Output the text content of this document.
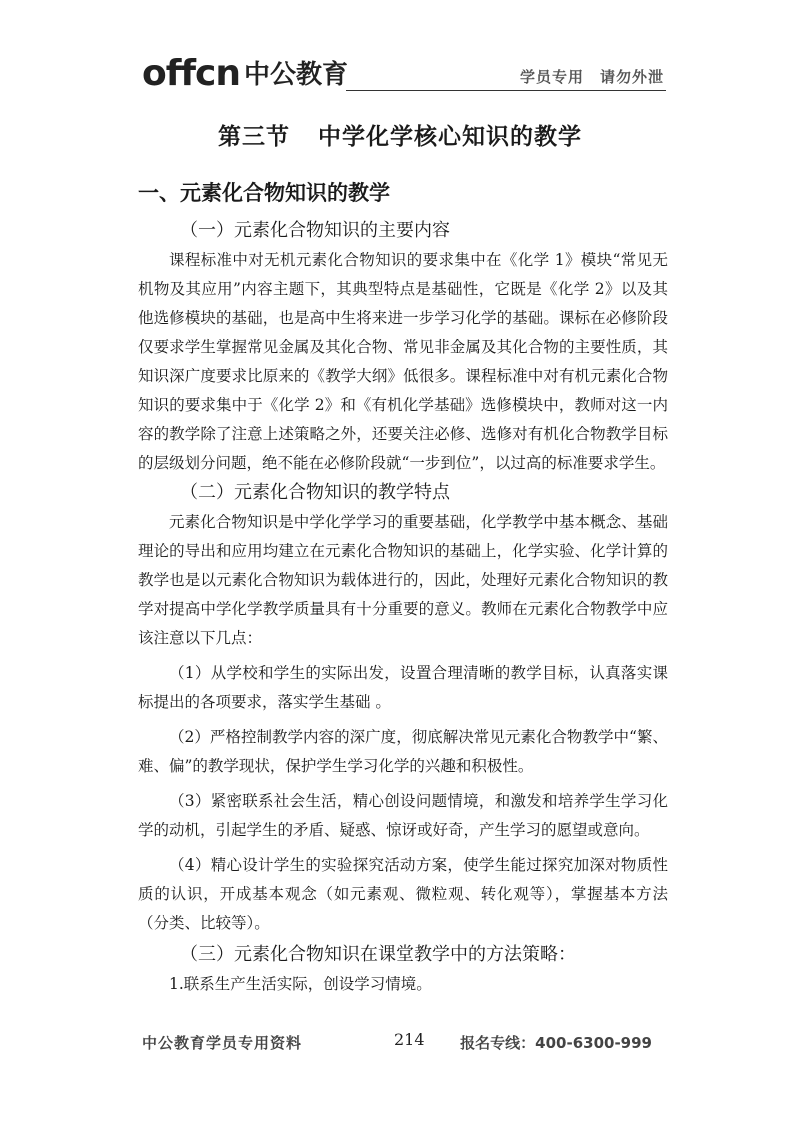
offcn 中公教育	学员专用 请勿外泄
第三节 中学化学核心知识的教学
一、元素化合物知识的教学
（一）元素化合物知识的主要内容

课程标准中对无机元素化合物知识的要求集中在《化学 1》模块“常见无机物及其应用”内容主题下，其典型特点是基础性，它既是《化学 2》以及其他选修模块的基础，也是高中生将来进一步学习化学的基础。课标在必修阶段仅要求学生掌握常见金属及其化合物、常见非金属及其化合物的主要性质，其知识深广度要求比原来的《教学大纲》低很多。课程标准中对有机元素化合物知识的要求集中于《化学 2》和《有机化学基础》选修模块中，教师对这一内容的教学除了注意上述策略之外，还要关注必修、选修对有机化合物教学目标的层级划分问题，绝不能在必修阶段就“一步到位”，以过高的标准要求学生。

（二）元素化合物知识的教学特点

元素化合物知识是中学化学学习的重要基础，化学教学中基本概念、基础理论的导出和应用均建立在元素化合物知识的基础上，化学实验、化学计算的教学也是以元素化合物知识为载体进行的，因此，处理好元素化合物知识的教学对提高中学化学教学质量具有十分重要的意义。教师在元素化合物教学中应该注意以下几点：

（1）从学校和学生的实际出发，设置合理清晰的教学目标，认真落实课标提出的各项要求，落实学生基础 。

（2）严格控制教学内容的深广度，彻底解决常见元素化合物教学中“繁、难、偏”的教学现状，保护学生学习化学的兴趣和积极性。

（3）紧密联系社会生活，精心创设问题情境，和激发和培养学生学习化学的动机，引起学生的矛盾、疑惑、惊讶或好奇，产生学习的愿望或意向。

（4）精心设计学生的实验探究活动方案，使学生能过探究加深对物质性质的认识，开成基本观念（如元素观、微粒观、转化观等），掌握基本方法（分类、比较等）。

（三）元素化合物知识在课堂教学中的方法策略：

1.联系生产生活实际，创设学习情境。

中公教育学员专用资料	214 报名专线：400-6300-999
